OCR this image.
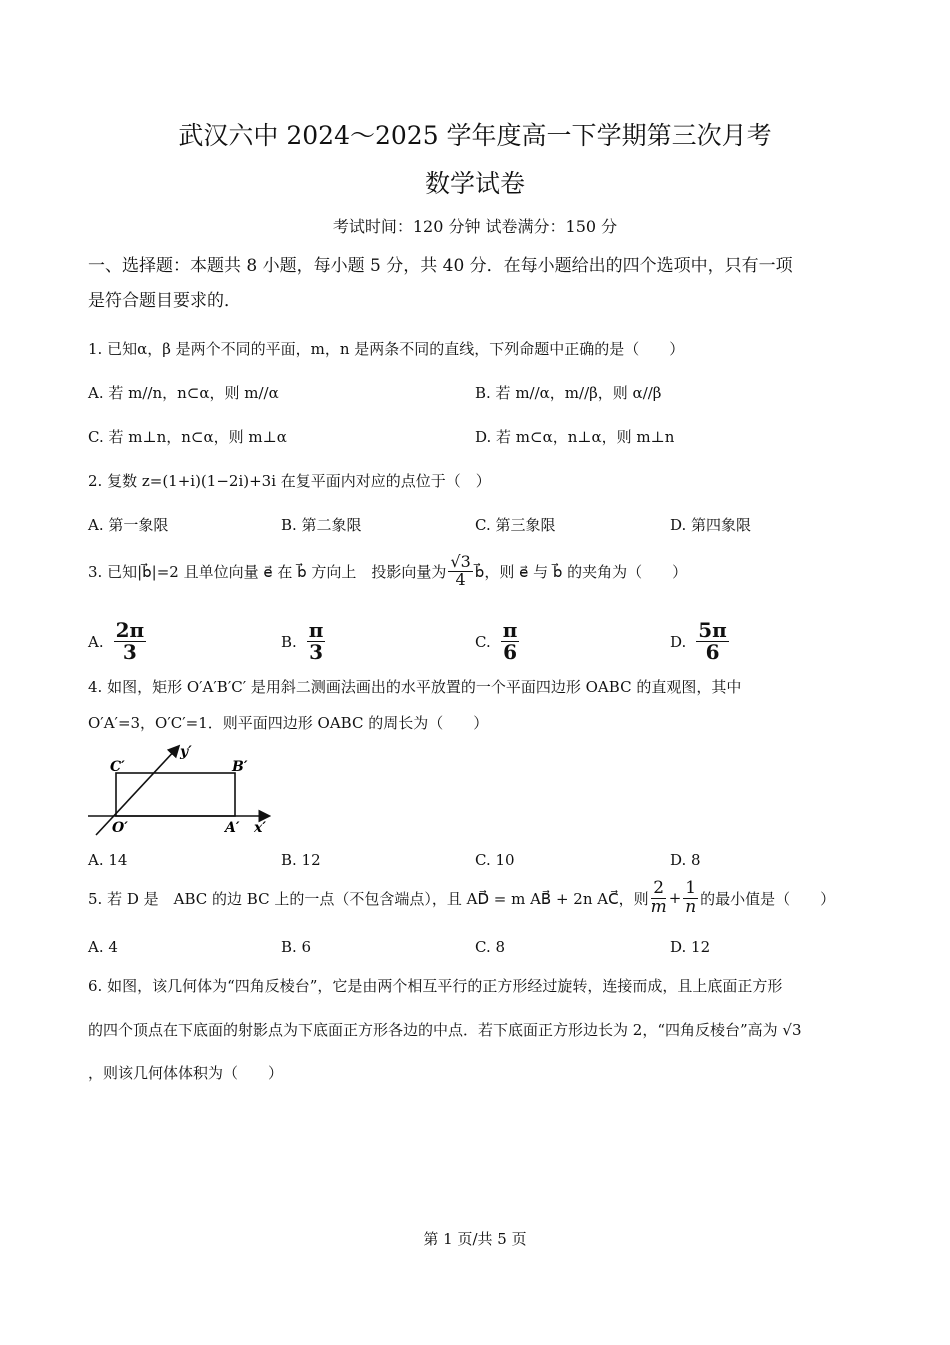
武汉六中 2024～2025 学年度高一下学期第三次月考
数学试卷
考试时间：120 分钟 试卷满分：150 分
一、选择题：本题共 8 小题，每小题 5 分，共 40 分．在每小题给出的四个选项中，只有一项
是符合题目要求的．
1. 已知α，β 是两个不同的平面，m，n 是两条不同的直线，下列命题中正确的是（　　）
A. 若 m//n，n⊂α，则 m//α	B. 若 m//α，m//β，则 α//β
C. 若 m⊥n，n⊂α，则 m⊥α	D. 若 m⊂α，n⊥α，则 m⊥n
2. 复数 z=(1+i)(1−2i)+3i 在复平面内对应的点位于（　）
A. 第一象限	B. 第二象限	C. 第三象限	D. 第四象限
3. 已知|b⃗|=2 且单位向量 e⃗ 在 b⃗ 方向上　投影向量为 $\frac{√3}{4}$ b⃗，则 e⃗ 与 b⃗ 的夹角为（　　）
A. $\frac{2\pi}{3}$	B. $\frac{\pi}{3}$	C. $\frac{\pi}{6}$	D. $\frac{5\pi}{6}$
4. 如图，矩形 O′A′B′C′ 是用斜二测画法画出的水平放置的一个平面四边形 OABC 的直观图，其中
O′A′=3，O′C′=1．则平面四边形 OABC 的周长为（　　）
C′	B′
O′	A′ x′
y′
A. 14	B. 12	C. 10	D. 8
5. 若 D 是　ABC 的边 BC 上的一点（不包含端点），且 AD⃗ = m AB⃗ + 2n AC⃗，则 $\frac{2}{m} + \frac{1}{n}$ 的最小值是（　　）
A. 4	B. 6	C. 8	D. 12
6. 如图，该几何体为“四角反棱台”，它是由两个相互平行的正方形经过旋转，连接而成，且上底面正方形
的四个顶点在下底面的射影点为下底面正方形各边的中点．若下底面正方形边长为 2，“四角反棱台”高为 √3
，则该几何体体积为（　　）
第 1 页/共 5 页
